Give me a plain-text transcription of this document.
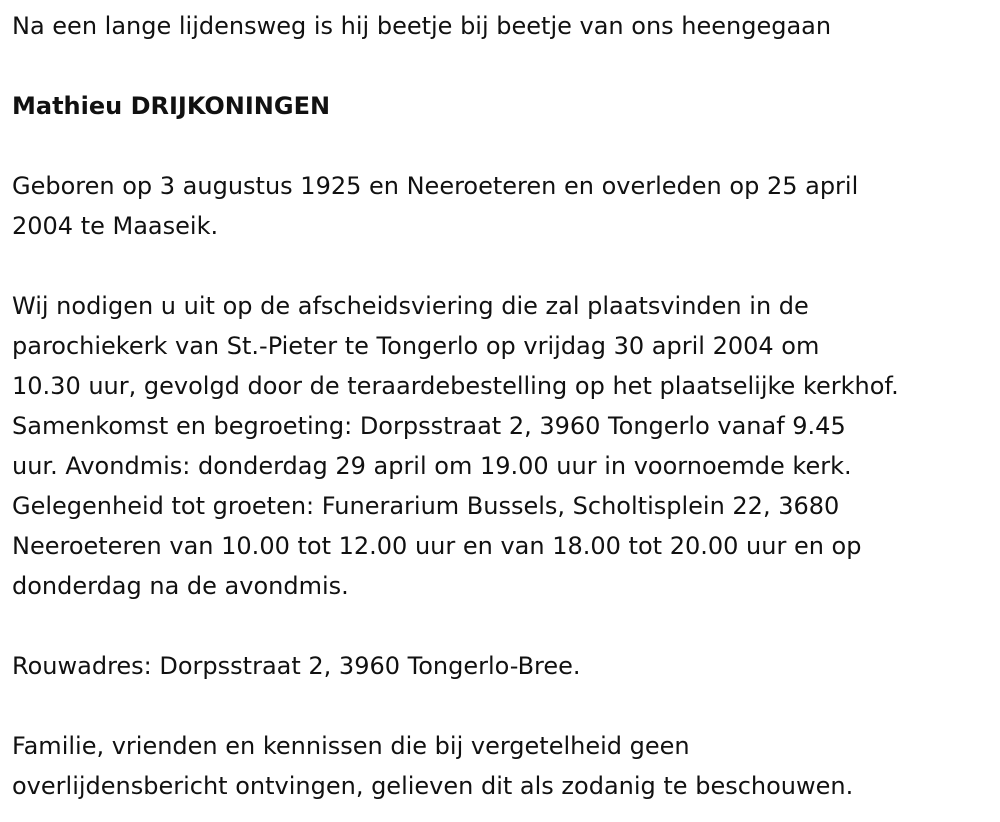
Na een lange lijdensweg is hij beetje bij beetje van ons heengegaan

Mathieu DRIJKONINGEN

Geboren op 3 augustus 1925 en Neeroeteren en overleden op 25 april
2004 te Maaseik.
Wij nodigen u uit op de afscheidsviering die zal plaatsvinden in de
parochiekerk van St.-Pieter te Tongerlo op vrijdag 30 april 2004 om
10.30 uur, gevolgd door de teraardebestelling op het plaatselijke kerkhof.
Samenkomst en begroeting: Dorpsstraat 2, 3960 Tongerlo vanaf 9.45
uur. Avondmis: donderdag 29 april om 19.00 uur in voornoemde kerk.
Gelegenheid tot groeten: Funerarium Bussels, Scholtisplein 22, 3680
Neeroeteren van 10.00 tot 12.00 uur en van 18.00 tot 20.00 uur en op
donderdag na de avondmis.

Rouwadres: Dorpsstraat 2, 3960 Tongerlo-Bree.

Familie, vrienden en kennissen die bij vergetelheid geen
overlijdensbericht ontvingen, gelieven dit als zodanig te beschouwen.
